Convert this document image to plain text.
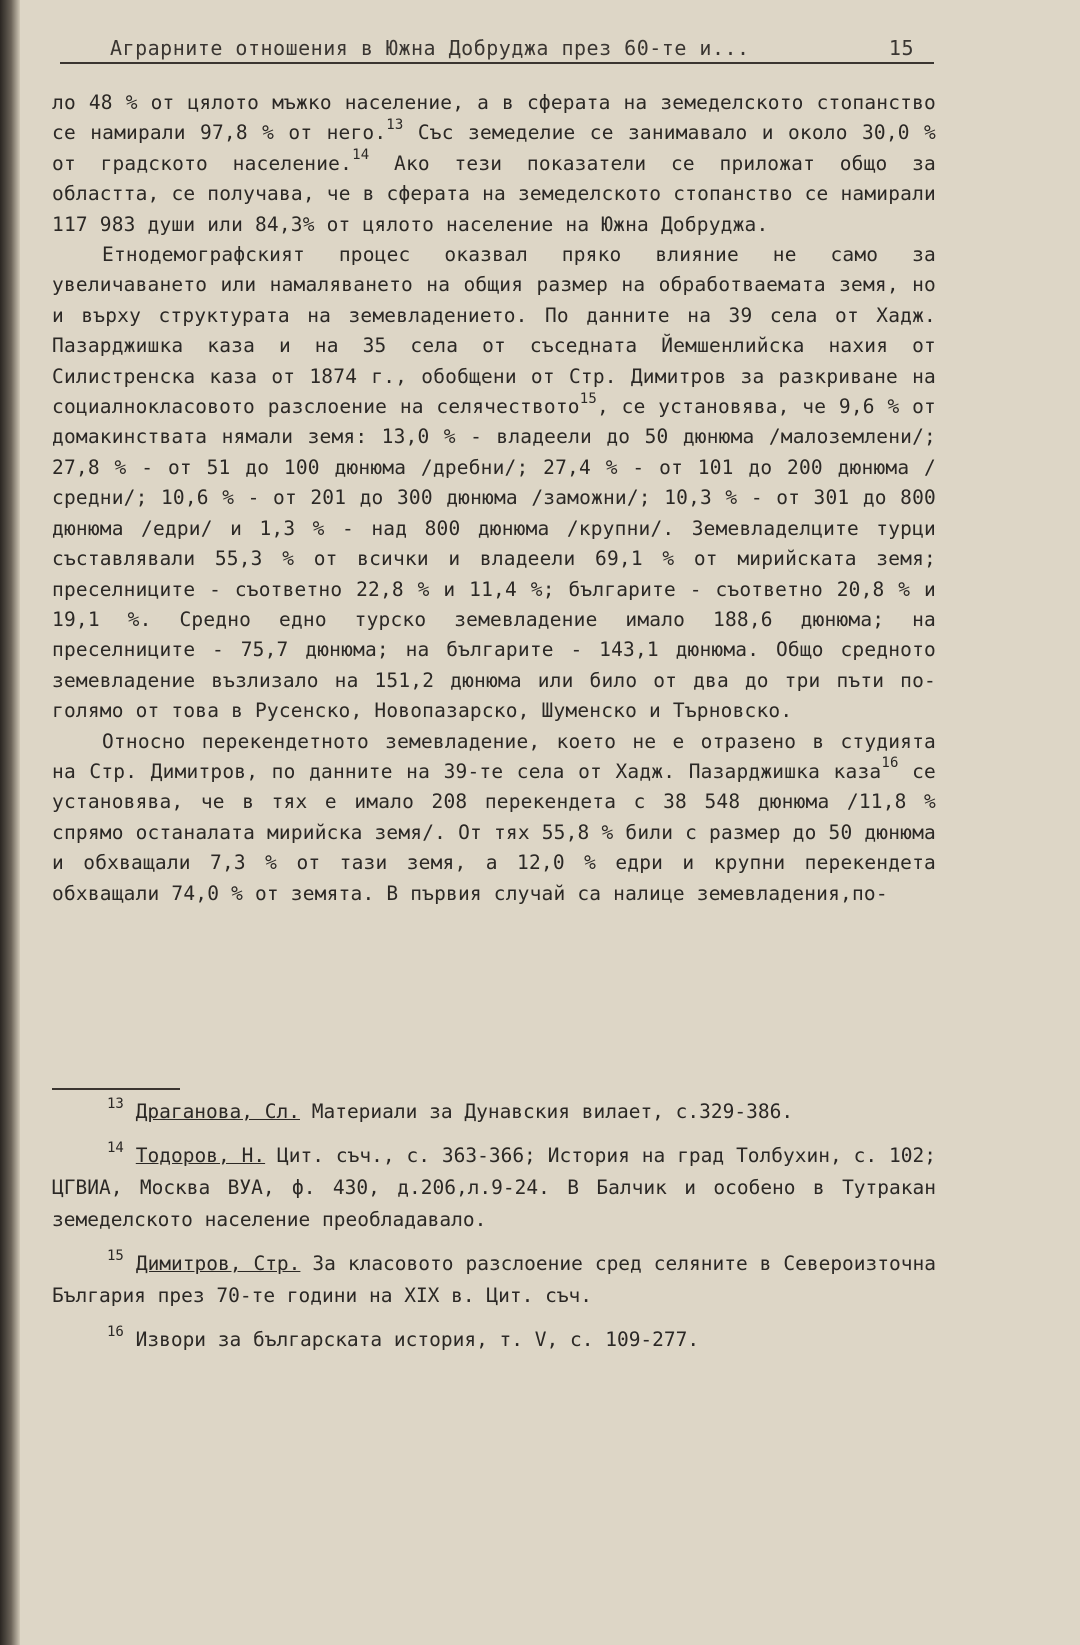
Аграрните отношения в Южна Добруджа през 60-те и...	15

ло 48 % от цялото мъжко население, а в сферата на земеделското стопанство се намирали 97,8 % от него.$^{13}$ Със земеделие се занимавало и около 30,0 % от градското население.$^{14}$ Ако тези показатели се приложат общо за областта, се получава, че в сферата на земеделското стопанство се намирали 117 983 души или 84,3% от цялото население на Южна Добруджа.

Етнодемографският процес оказвал пряко влияние не само за увеличаването или намаляването на общия размер на обработваемата земя, но и върху структурата на земевладението. По данните на 39 села от Хадж. Пазарджишка каза и на 35 села от съседната Йемшенлийска нахия от Силистренска каза от 1874 г., обобщени от Стр. Димитров за разкриване на социалнокласовото разслоение на селячеството$^{15}$, се установява, че 9,6 % от домакинствата нямали земя: 13,0 % - владеели до 50 дюнюма /малоземлени/; 27,8 % - от 51 до 100 дюнюма /дребни/; 27,4 % - от 101 до 200 дюнюма /средни/; 10,6 % - от 201 до 300 дюнюма /заможни/; 10,3 % - от 301 до 800 дюнюма /едри/ и 1,3 % - над 800 дюнюма /крупни/. Земевладелците турци съставлявали 55,3 % от всички и владеели 69,1 % от мирийската земя; преселниците - съответно 22,8 % и 11,4 %; българите - съответно 20,8 % и 19,1 %. Средно едно турско земевладение имало 188,6 дюнюма; на преселниците - 75,7 дюнюма; на българите - 143,1 дюнюма. Общо средното земевладение възлизало на 151,2 дюнюма или било от два до три пъти по-голямо от това в Русенско, Новопазарско, Шуменско и Търновско.

Относно перекендетното земевладение, което не е отразено в студията на Стр. Димитров, по данните на 39-те села от Хадж. Пазарджишка каза$^{16}$ се установява, че в тях е имало 208 перекендета с 38 548 дюнюма /11,8 % спрямо останалата мирийска земя/. От тях 55,8 % били с размер до 50 дюнюма и обхващали 7,3 % от тази земя, а 12,0 % едри и крупни перекендета обхващали 74,0 % от земята. В първия случай са налице земевладения,по-

$^{13}$ Драганова, Сл. Материали за Дунавския вилает, с.329-386.

$^{14}$ Тодоров, Н. Цит. съч., с. 363-366; История на град Толбухин, с. 102; ЦГВИА, Москва ВУА, ф. 430, д.206,л.9-24. В Балчик и особено в Тутракан земеделското население преобладавало.

$^{15}$ Димитров, Стр. За класовото разслоение сред селяните в Североизточна България през 70-те години на XIX в. Цит. съч.

$^{16}$ Извори за българската история, т. V, с. 109-277.
